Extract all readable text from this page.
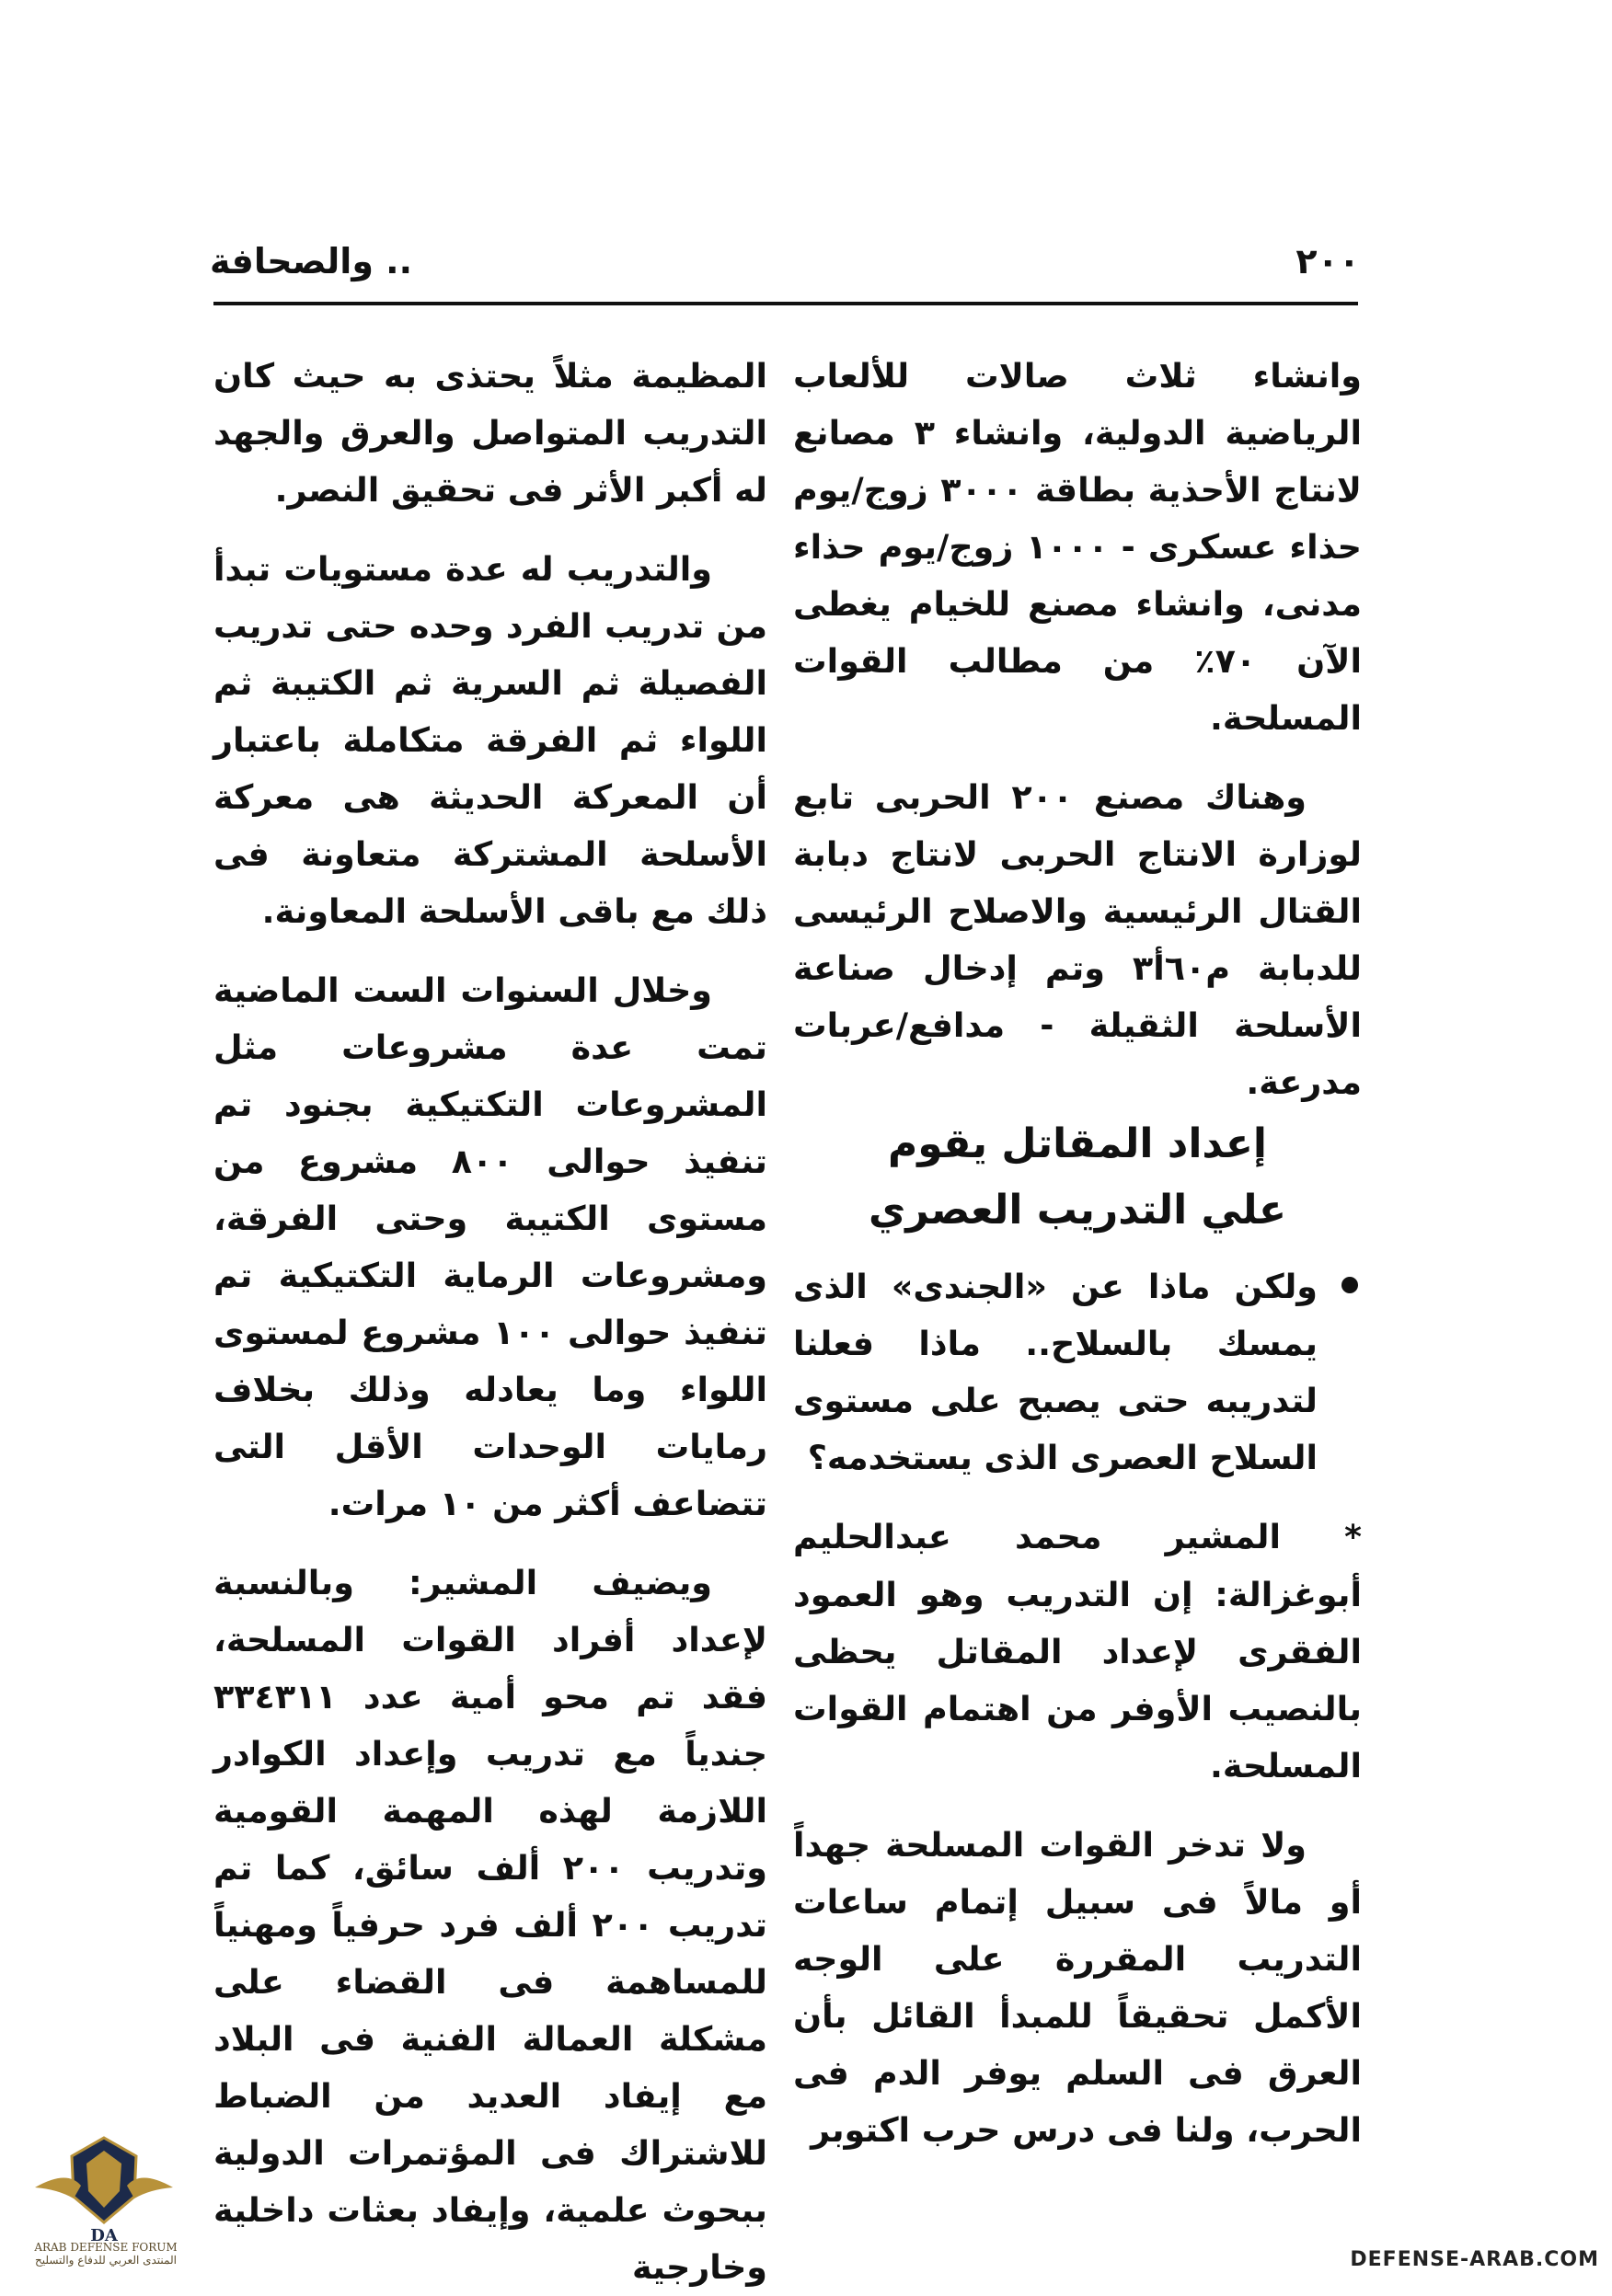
٢٠٠
.. والصحافة

وانشاء ثلاث صالات للألعاب الرياضية الدولية، وانشاء ٣ مصانع لانتاج الأحذية بطاقة ٣٠٠٠ زوج/يوم حذاء عسكرى - ١٠٠٠ زوج/يوم حذاء مدنى، وانشاء مصنع للخيام يغطى الآن ٧٠٪ من مطالب القوات المسلحة.

وهناك مصنع ٢٠٠ الحربى تابع لوزارة الانتاج الحربى لانتاج دبابة القتال الرئيسية والاصلاح الرئيسى للدبابة م٦٠أ٣ وتم إدخال صناعة الأسلحة الثقيلة - مدافع/عربات مدرعة.

إعداد المقاتل يقوم

علي التدريب العصري

ولكن ماذا عن «الجندى» الذى يمسك بالسلاح.. ماذا فعلنا لتدريبه حتى يصبح على مستوى السلاح العصرى الذى يستخدمه؟

* المشير محمد عبدالحليم أبوغزالة: إن التدريب وهو العمود الفقرى لإعداد المقاتل يحظى بالنصيب الأوفر من اهتمام القوات المسلحة.

ولا تدخر القوات المسلحة جهداً أو مالاً فى سبيل إتمام ساعات التدريب المقررة على الوجه الأكمل تحقيقاً للمبدأ القائل بأن العرق فى السلم يوفر الدم فى الحرب، ولنا فى درس حرب اكتوبر

المظيمة مثلاً يحتذى به حيث كان التدريب المتواصل والعرق والجهد له أكبر الأثر فى تحقيق النصر.

والتدريب له عدة مستويات تبدأ من تدريب الفرد وحده حتى تدريب الفصيلة ثم السرية ثم الكتيبة ثم اللواء ثم الفرقة متكاملة باعتبار أن المعركة الحديثة هى معركة الأسلحة المشتركة متعاونة فى ذلك مع باقى الأسلحة المعاونة.

وخلال السنوات الست الماضية تمت عدة مشروعات مثل المشروعات التكتيكية بجنود تم تنفيذ حوالى ٨٠٠ مشروع من مستوى الكتيبة وحتى الفرقة، ومشروعات الرماية التكتيكية تم تنفيذ حوالى ١٠٠ مشروع لمستوى اللواء وما يعادله وذلك بخلاف رمايات الوحدات الأقل التى تتضاعف أكثر من ١٠ مرات.

ويضيف المشير: وبالنسبة لإعداد أفراد القوات المسلحة، فقد تم محو أمية عدد ٣٣٤٣١١ جندياً مع تدريب وإعداد الكوادر اللازمة لهذه المهمة القومية وتدريب ٢٠٠ ألف سائق، كما تم تدريب ٢٠٠ ألف فرد حرفياً ومهنياً للمساهمة فى القضاء على مشكلة العمالة الفنية فى البلاد مع إيفاد العديد من الضباط للاشتراك فى المؤتمرات الدولية ببحوث علمية، وإيفاد بعثات داخلية وخارجية

DA
ARAB DEFENSE FORUM
المنتدى العربي للدفاع والتسليح	DEFENSE-ARAB.COM
